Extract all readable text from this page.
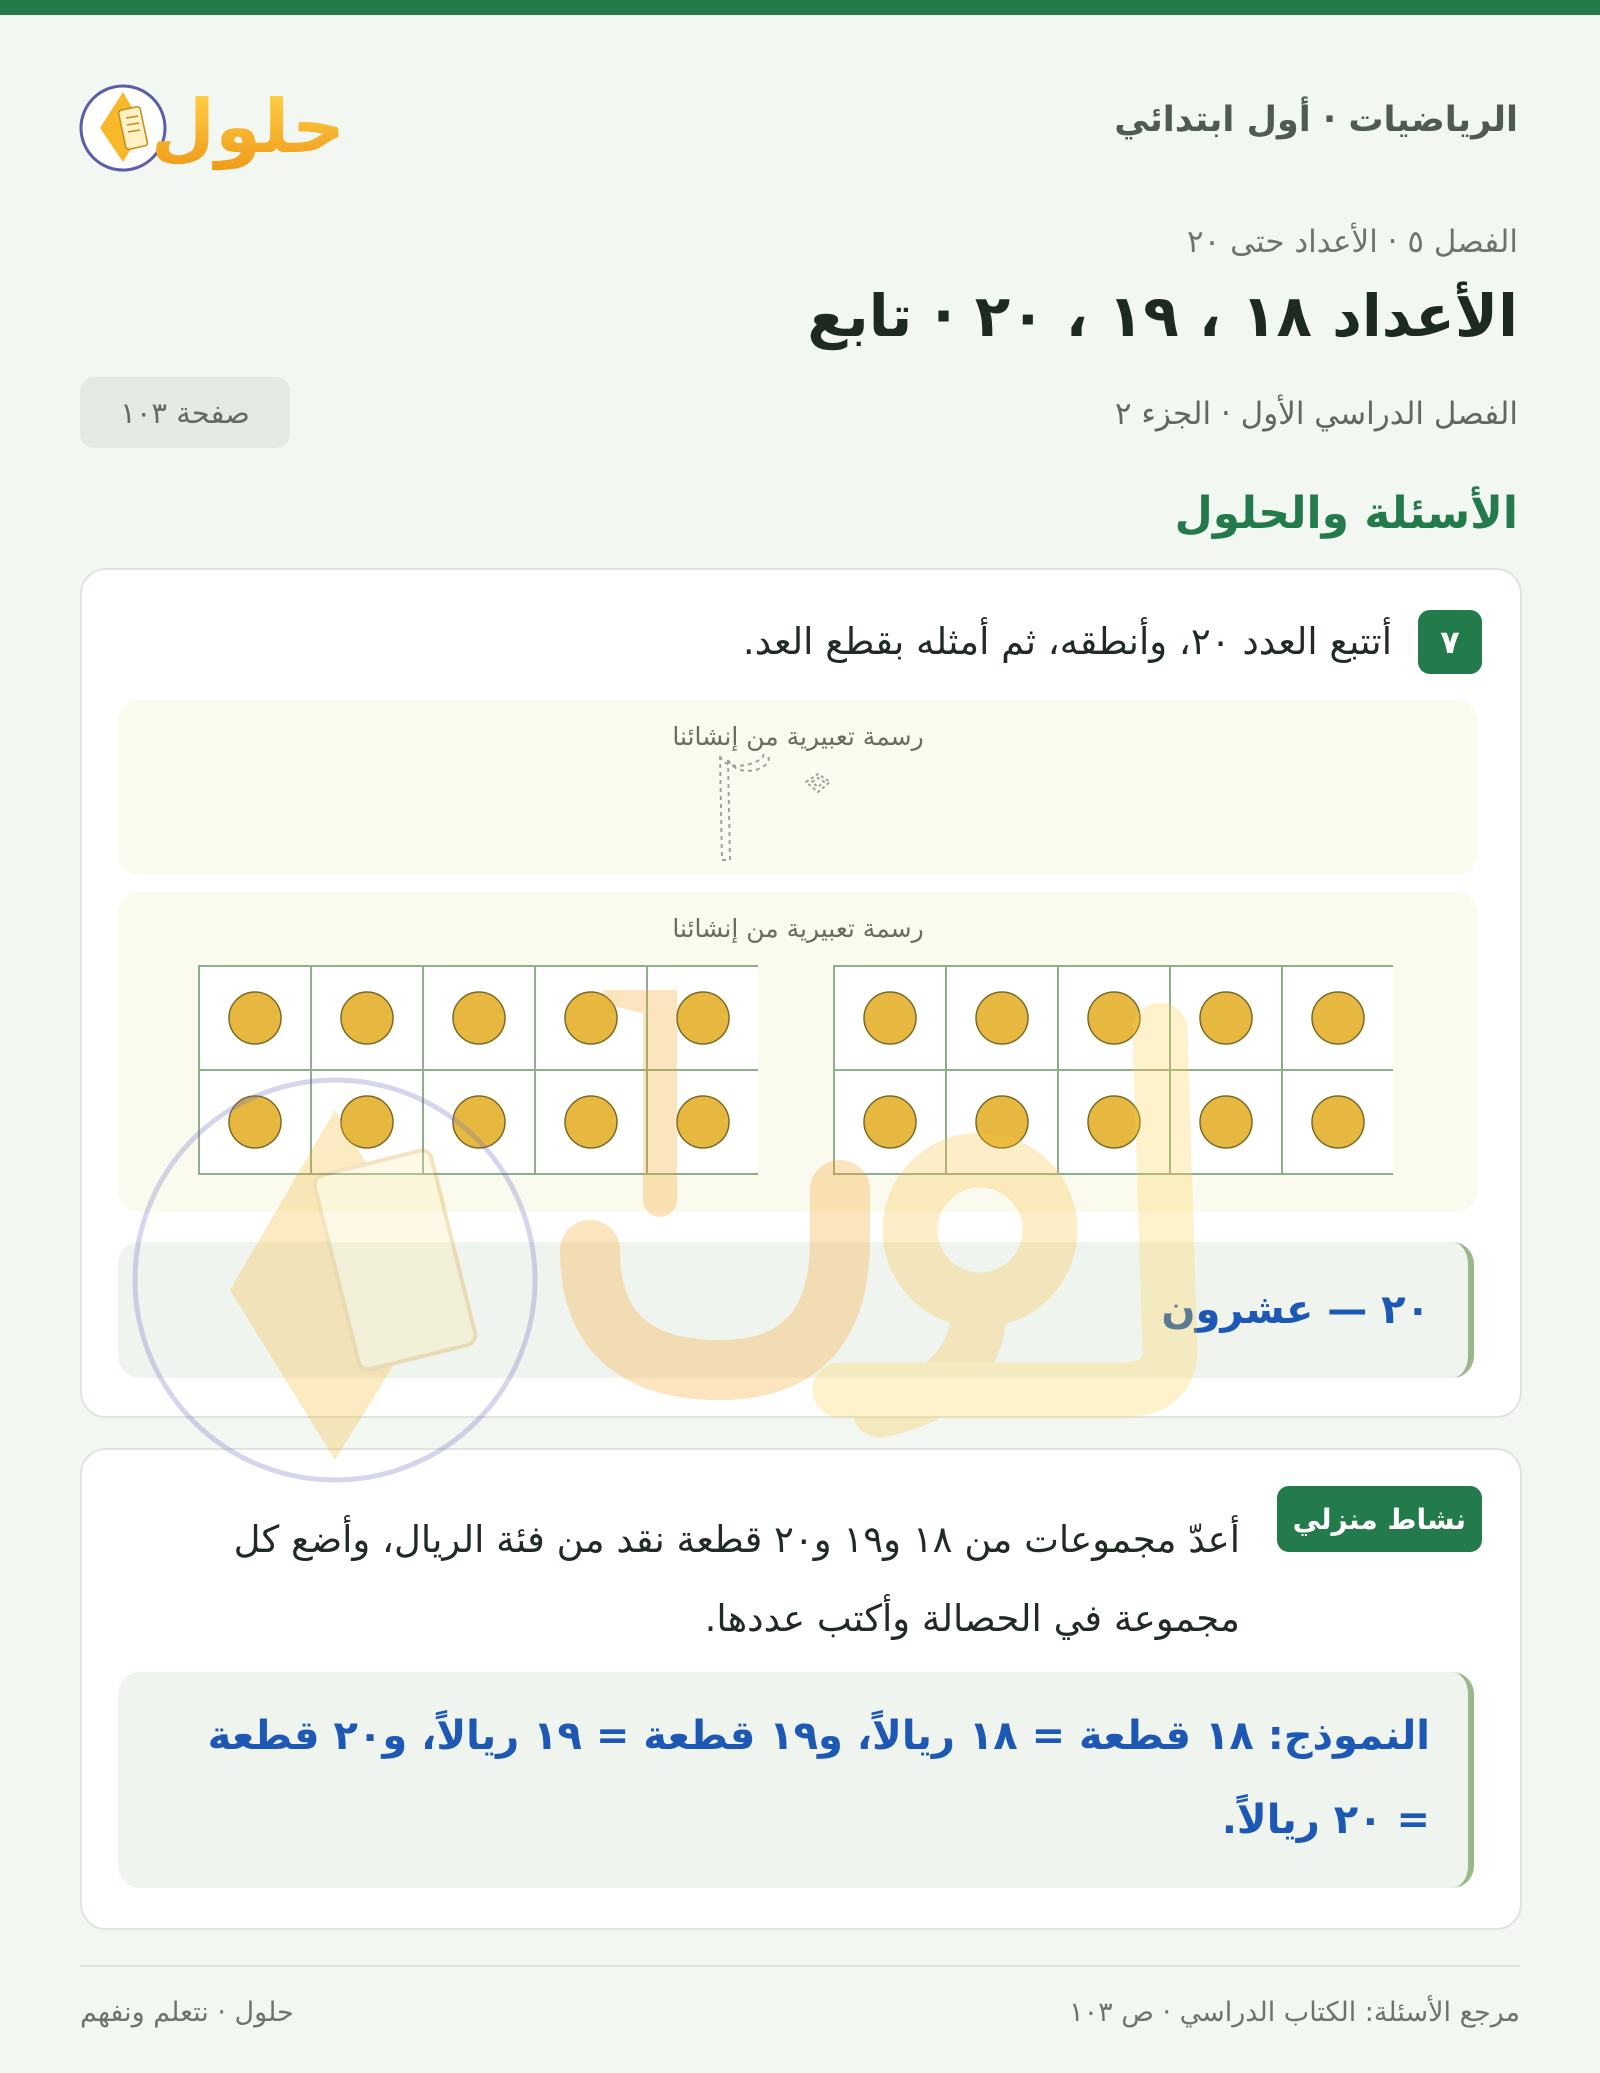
حلول	الرياضيات · أول ابتدائي
الفصل ٥ · الأعداد حتى ٢٠
الأعداد ١٨ ، ١٩ ، ٢٠ · تابع
الفصل الدراسي الأول · الجزء ٢
صفحة ١٠٣
الأسئلة والحلول
٧
أتتبع العدد ٢٠، وأنطقه، ثم أمثله بقطع العد.
رسمة تعبيرية من إنشائنا
رسمة تعبيرية من إنشائنا
٢٠ — عشرون
نشاط منزلي
أعدّ مجموعات من ١٨ و١٩ و٢٠ قطعة نقد من فئة الريال، وأضع كل مجموعة في الحصالة وأكتب عددها.
النموذج: ١٨ قطعة = ١٨ ريالاً، و١٩ قطعة = ١٩ ريالاً، و٢٠ قطعة
= ٢٠ ريالاً.
مرجع الأسئلة: الكتاب الدراسي · ص ١٠٣
حلول · نتعلم ونفهم
